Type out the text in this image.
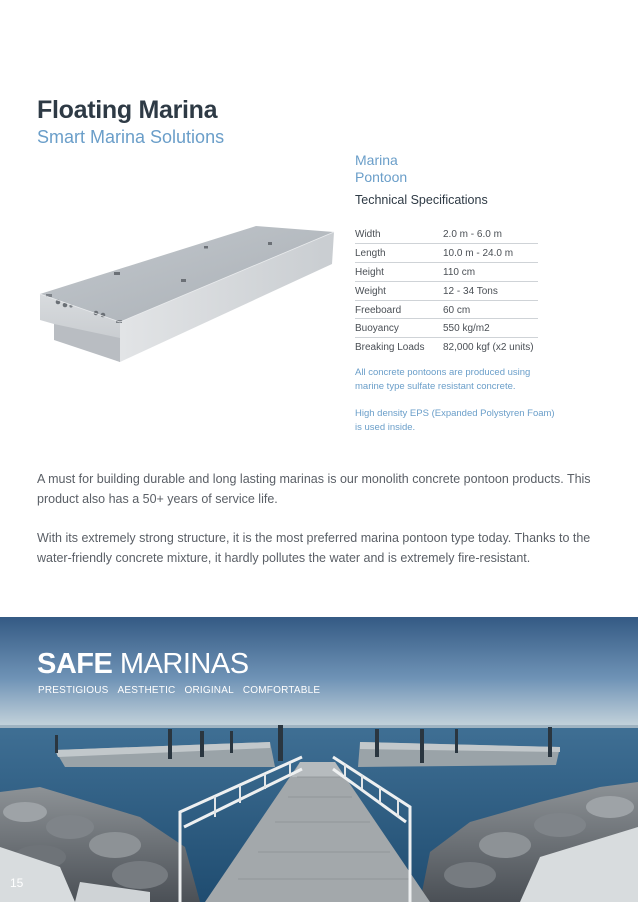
Floating Marina
Smart Marina Solutions
Marina
Pontoon
Technical Specifications
Width	2.0 m - 6.0 m
Length	10.0 m - 24.0 m
Height	110 cm
Weight	12 - 34 Tons
Freeboard	60 cm
Buoyancy	550 kg/m2
Breaking Loads	82,000 kgf (x2 units)
All concrete pontoons are produced using marine type sulfate resistant concrete.
High density EPS (Expanded Polystyren Foam) is used inside.
A must for building durable and long lasting marinas is our monolith concrete pontoon products. This product also has a 50+ years of service life.
With its extremely strong structure, it is the most preferred marina pontoon type today. Thanks to the water-friendly concrete mixture, it hardly pollutes the water and is extremely fire-resistant.
SAFE MARINAS
PRESTIGIOUS AESTHETIC ORIGINAL COMFORTABLE
15
